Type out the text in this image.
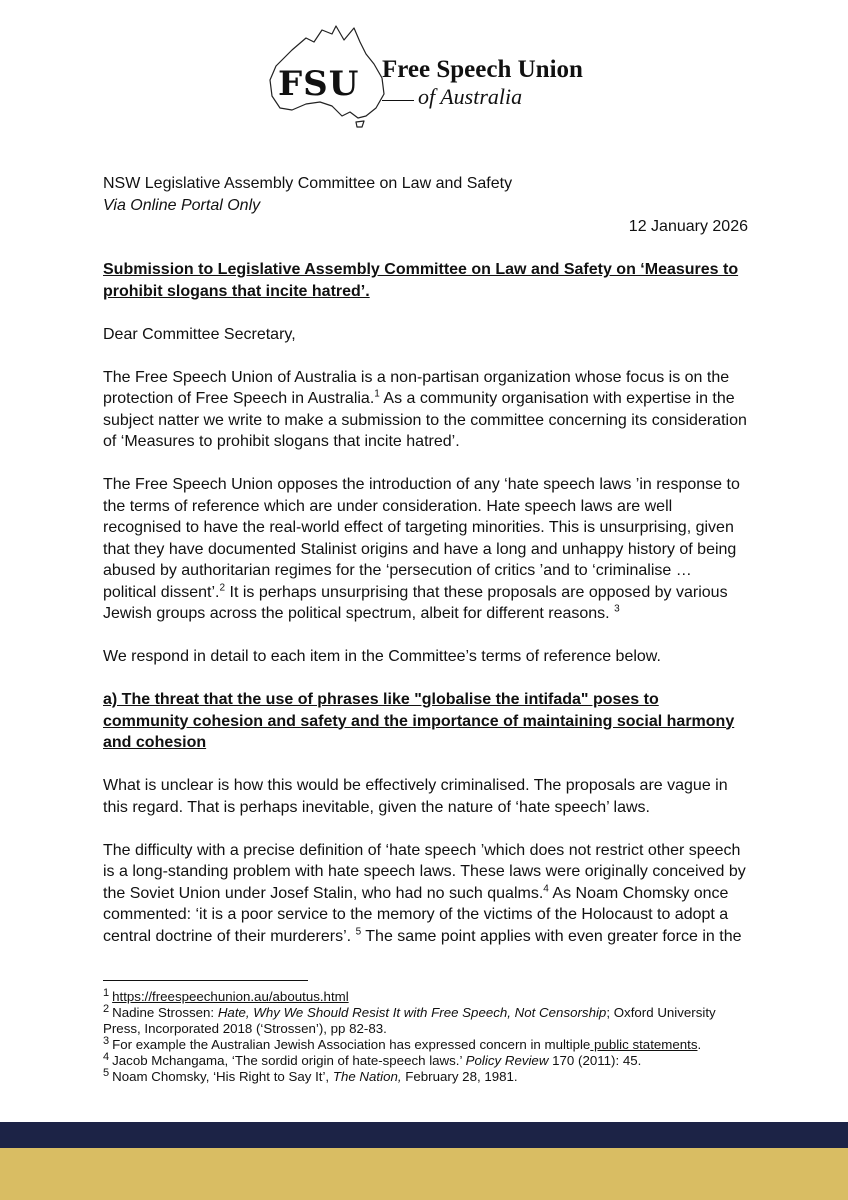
FSU Free Speech Union
of Australia

NSW Legislative Assembly Committee on Law and Safety

Via Online Portal Only

12 January 2026

Submission to Legislative Assembly Committee on Law and Safety on ‘Measures to prohibit slogans that incite hatred’.

Dear Committee Secretary,

The Free Speech Union of Australia is a non-partisan organization whose focus is on the protection of Free Speech in Australia.$^1$ As a community organisation with expertise in the subject natter we write to make a submission to the committee concerning its consideration of ‘Measures to prohibit slogans that incite hatred’.

The Free Speech Union opposes the introduction of any ‘hate speech laws ’in response to the terms of reference which are under consideration. Hate speech laws are well recognised to have the real-world effect of targeting minorities. This is unsurprising, given that they have documented Stalinist origins and have a long and unhappy history of being abused by authoritarian regimes for the ‘persecution of critics ’and to ‘criminalise … political dissent’.$^2$ It is perhaps unsurprising that these proposals are opposed by various Jewish groups across the political spectrum, albeit for different reasons. $^3$

We respond in detail to each item in the Committee’s terms of reference below.

a) The threat that the use of phrases like "globalise the intifada" poses to community cohesion and safety and the importance of maintaining social harmony and cohesion

What is unclear is how this would be effectively criminalised. The proposals are vague in this regard. That is perhaps inevitable, given the nature of ‘hate speech’ laws.

The difficulty with a precise definition of ‘hate speech ’which does not restrict other speech is a long-standing problem with hate speech laws. These laws were originally conceived by the Soviet Union under Josef Stalin, who had no such qualms.$^4$ As Noam Chomsky once commented: ‘it is a poor service to the memory of the victims of the Holocaust to adopt a central doctrine of their murderers’. $^5$ The same point applies with even greater force in the

$^1$ https://freespeechunion.au/aboutus.html

$^2$ Nadine Strossen: Hate, Why We Should Resist It with Free Speech, Not Censorship; Oxford University Press, Incorporated 2018 (‘Strossen’), pp 82-83.

$^3$ For example the Australian Jewish Association has expressed concern in multiple public statements.

$^4$ Jacob Mchangama, ‘The sordid origin of hate-speech laws.’ Policy Review 170 (2011): 45.

$^5$ Noam Chomsky, ‘His Right to Say It’, The Nation, February 28, 1981.
